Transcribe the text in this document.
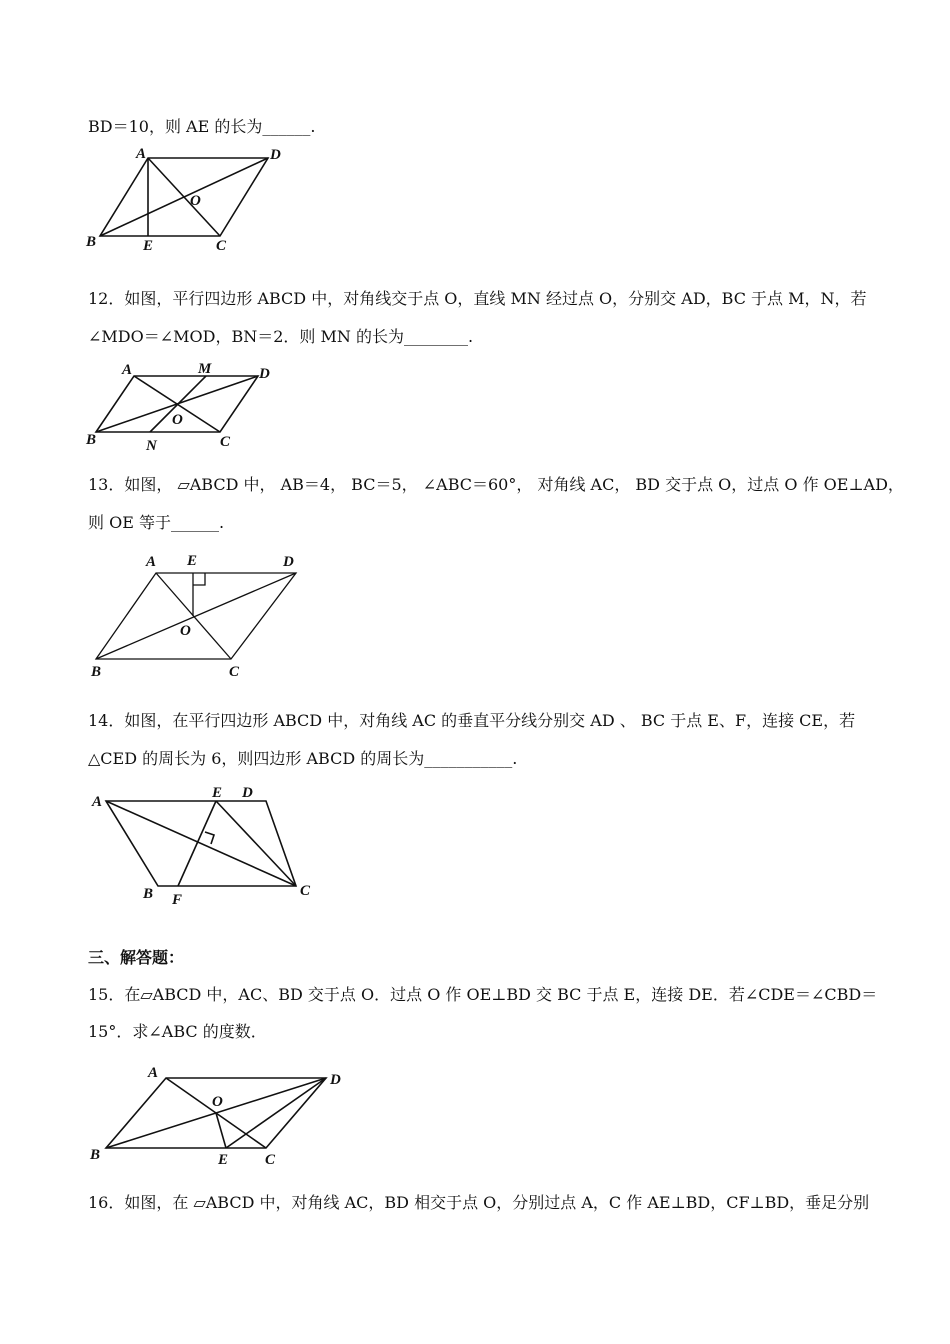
BD＝10，则 AE 的长为______.
A	D
O
B	E	C
12．如图，平行四边形 ABCD 中，对角线交于点 O，直线 MN 经过点 O，分别交 AD，BC 于点 M，N，若
∠MDO＝∠MOD，BN＝2．则 MN 的长为________.
A	M	D
O
B	N	C
13．如图， ▱ABCD 中， AB＝4， BC＝5， ∠ABC＝60°， 对角线 AC， BD 交于点 O，过点 O 作 OE⊥AD，
则 OE 等于______.
A E	D
O
B	C
14．如图，在平行四边形 ABCD 中，对角线 AC 的垂直平分线分别交 AD 、 BC 于点 E、F，连接 CE，若
△CED 的周长为 6，则四边形 ABCD 的周长为___________.
A
E D
B F
C
三、解答题：
15．在▱ABCD 中，AC、BD 交于点 O．过点 O 作 OE⊥BD 交 BC 于点 E，连接 DE．若∠CDE＝∠CBD＝
15°．求∠ABC 的度数．
A
O
D
B	E C
16．如图，在 ▱ABCD 中，对角线 AC，BD 相交于点 O，分别过点 A，C 作 AE⊥BD，CF⊥BD，垂足分别
